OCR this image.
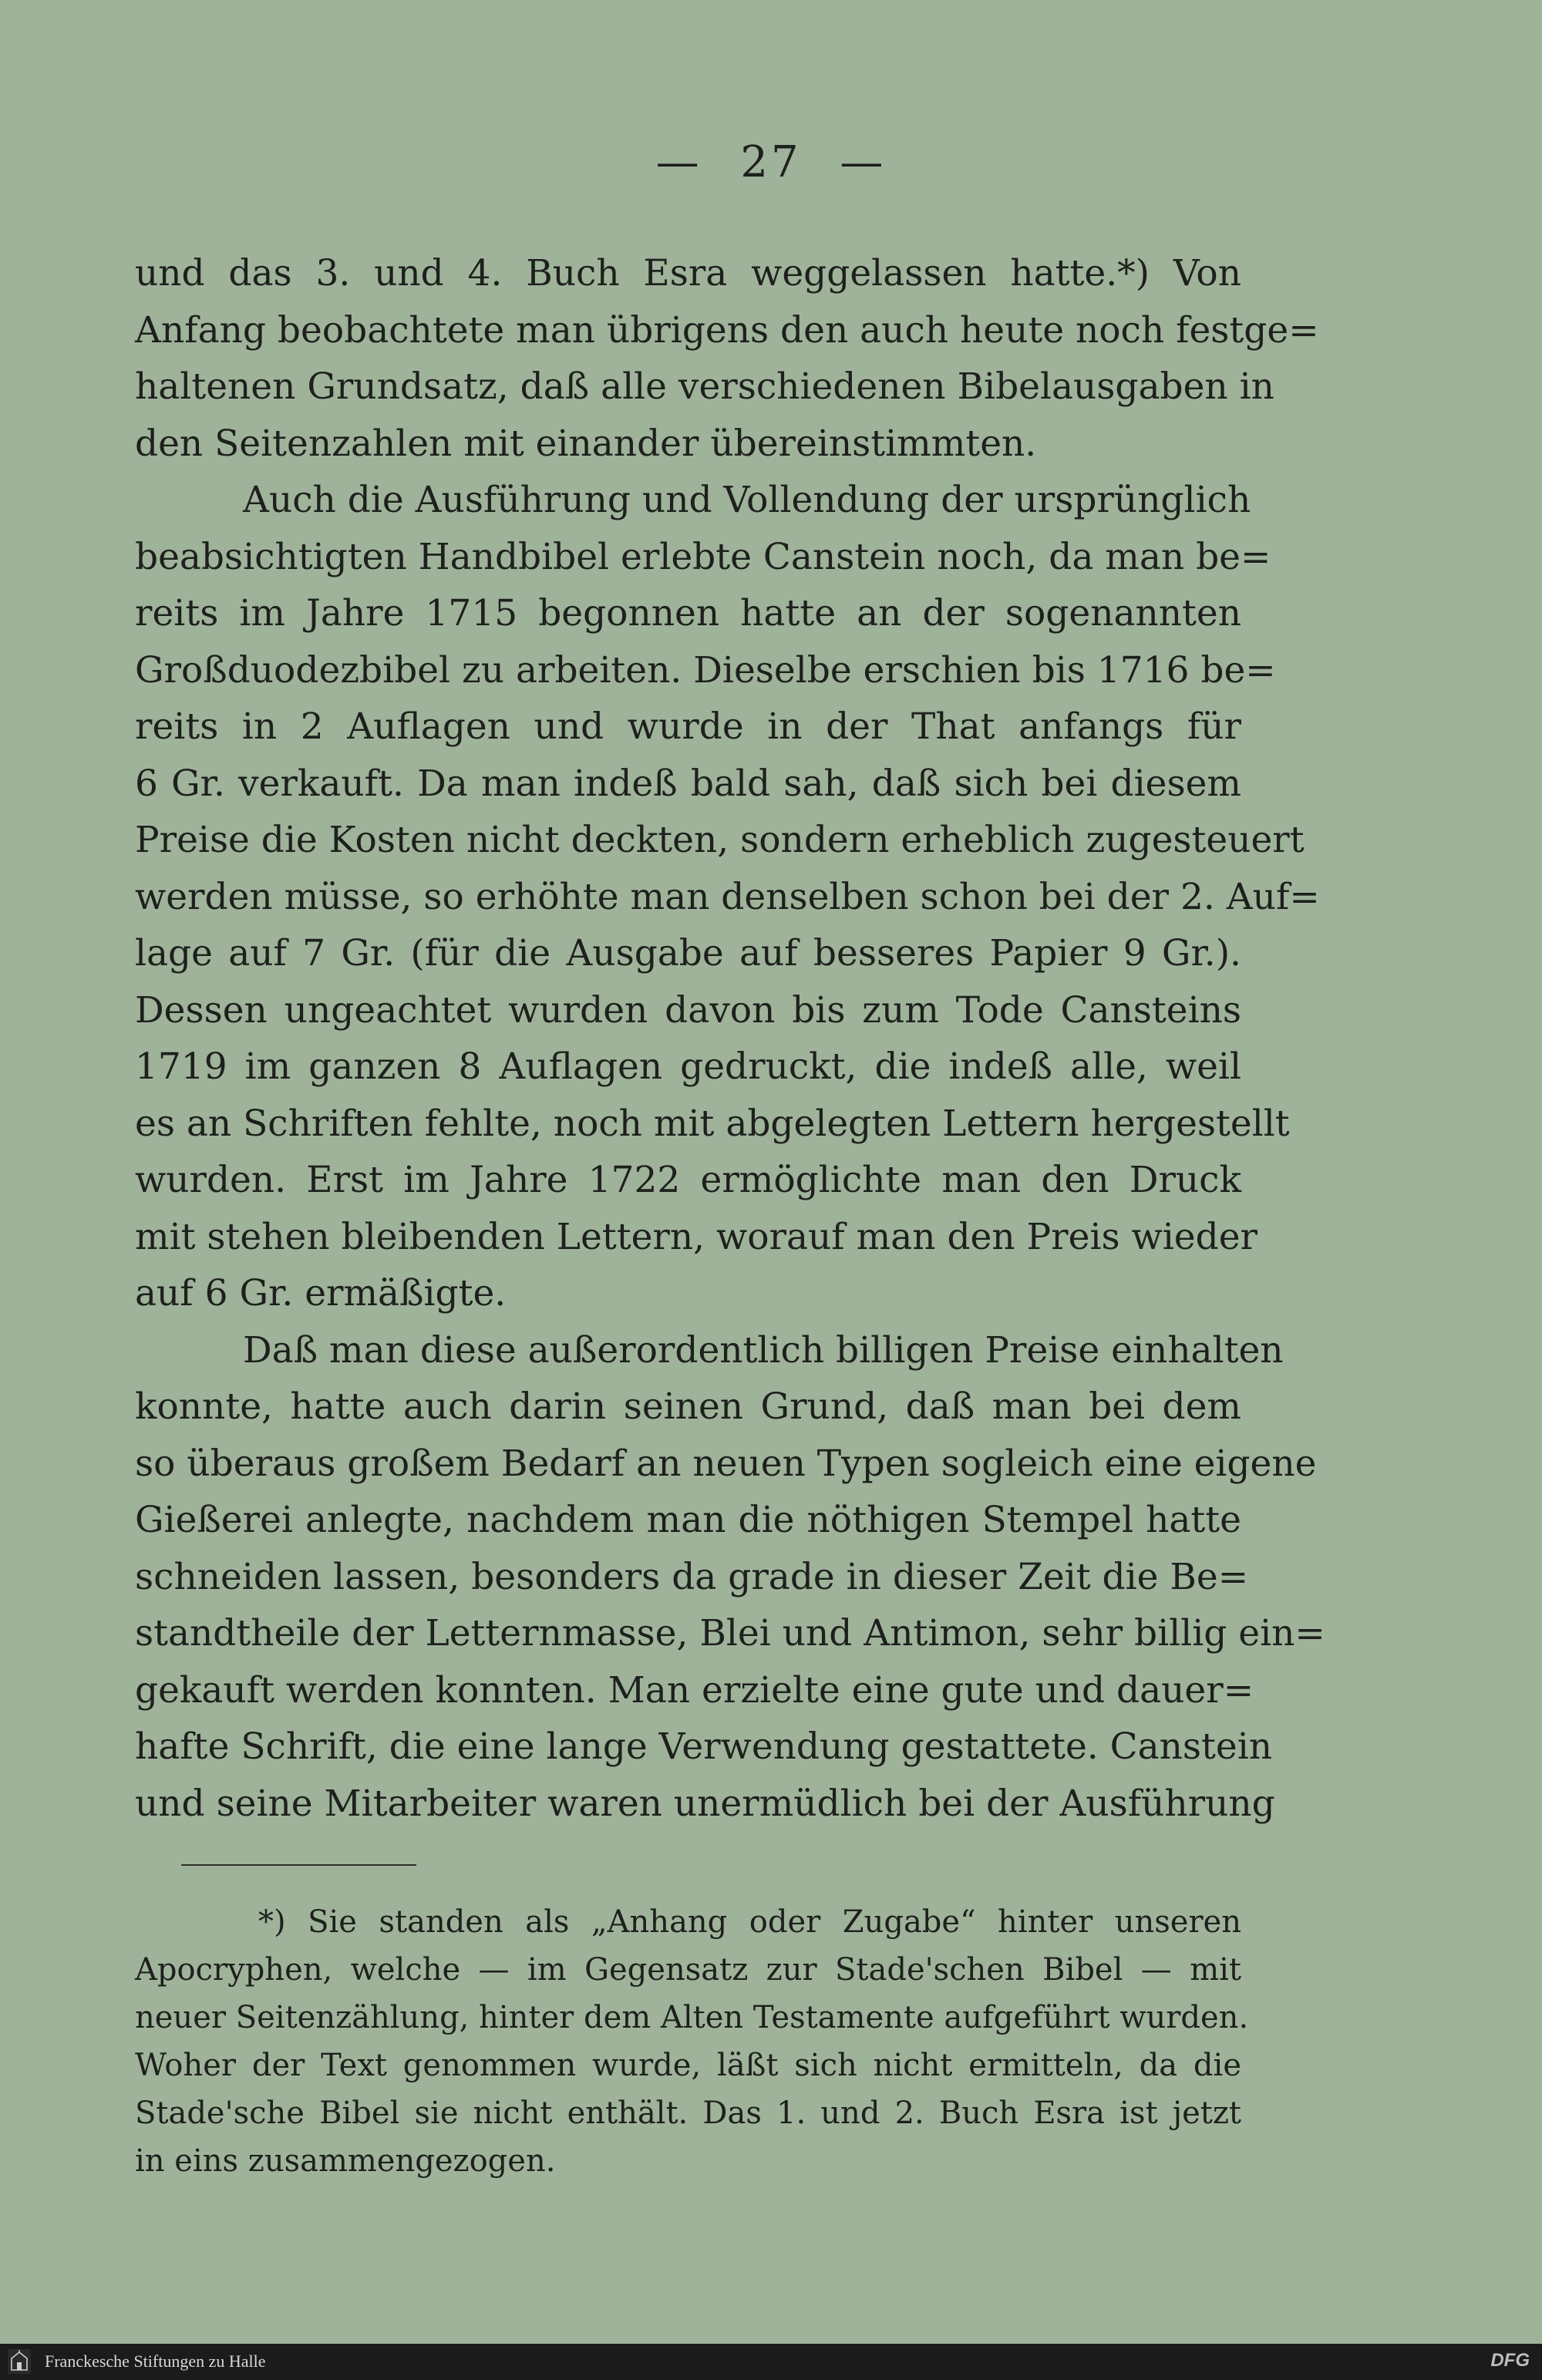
— 27 —
und das 3. und 4. Buch Esra weggelassen hatte.*) Von
Anfang beobachtete man übrigens den auch heute noch festge=
haltenen Grundsatz, daß alle verschiedenen Bibelausgaben in
den Seitenzahlen mit einander übereinstimmten.
Auch die Ausführung und Vollendung der ursprünglich
beabsichtigten Handbibel erlebte Canstein noch, da man be=
reits im Jahre 1715 begonnen hatte an der sogenannten
Großduodezbibel zu arbeiten. Dieselbe erschien bis 1716 be=
reits in 2 Auflagen und wurde in der That anfangs für
6 Gr. verkauft. Da man indeß bald sah, daß sich bei diesem
Preise die Kosten nicht deckten, sondern erheblich zugesteuert
werden müsse, so erhöhte man denselben schon bei der 2. Auf=
lage auf 7 Gr. (für die Ausgabe auf besseres Papier 9 Gr.).
Dessen ungeachtet wurden davon bis zum Tode Cansteins
1719 im ganzen 8 Auflagen gedruckt, die indeß alle, weil
es an Schriften fehlte, noch mit abgelegten Lettern hergestellt
wurden. Erst im Jahre 1722 ermöglichte man den Druck
mit stehen bleibenden Lettern, worauf man den Preis wieder
auf 6 Gr. ermäßigte.
Daß man diese außerordentlich billigen Preise einhalten
konnte, hatte auch darin seinen Grund, daß man bei dem
so überaus großem Bedarf an neuen Typen sogleich eine eigene
Gießerei anlegte, nachdem man die nöthigen Stempel hatte
schneiden lassen, besonders da grade in dieser Zeit die Be=
standtheile der Letternmasse, Blei und Antimon, sehr billig ein=
gekauft werden konnten. Man erzielte eine gute und dauer=
hafte Schrift, die eine lange Verwendung gestattete. Canstein
und seine Mitarbeiter waren unermüdlich bei der Ausführung
*) Sie standen als „Anhang oder Zugabe“ hinter unseren
Apocryphen, welche — im Gegensatz zur Stade'schen Bibel — mit
neuer Seitenzählung, hinter dem Alten Testamente aufgeführt wurden.
Woher der Text genommen wurde, läßt sich nicht ermitteln, da die
Stade'sche Bibel sie nicht enthält. Das 1. und 2. Buch Esra ist jetzt
in eins zusammengezogen.
Franckesche Stiftungen zu Halle	DFG
